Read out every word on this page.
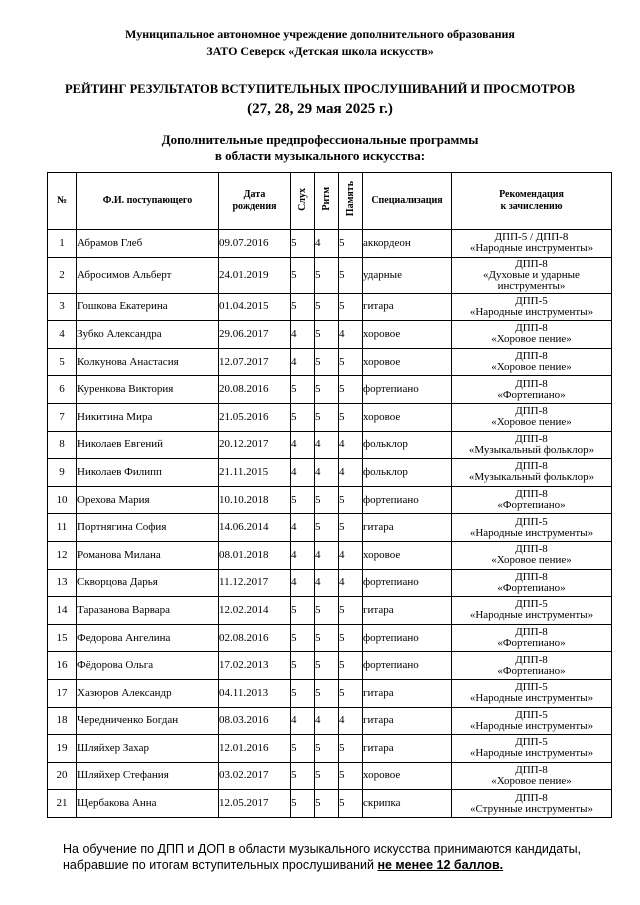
Муниципальное автономное учреждение дополнительного образования
ЗАТО Северск «Детская школа искусств»
РЕЙТИНГ РЕЗУЛЬТАТОВ ВСТУПИТЕЛЬНЫХ ПРОСЛУШИВАНИЙ И ПРОСМОТРОВ
(27, 28, 29 мая 2025 г.)
Дополнительные предпрофессиональные программы
в области музыкального искусства:
№	Ф.И. поступающего	Дата
рождения	Слух	Ритм	Память	Специализация	Рекомендация
к зачислению
1	Абрамов Глеб	09.07.2016	5	4	5	аккордеон	ДПП-5 / ДПП-8
«Народные инструменты»
2	Абросимов Альберт	24.01.2019	5	5	5	ударные	ДПП-8
«Духовые и ударные
инструменты»
3	Гошкова Екатерина	01.04.2015	5	5	5	гитара	ДПП-5
«Народные инструменты»
4	Зубко Александра	29.06.2017	4	5	4	хоровое	ДПП-8
«Хоровое пение»
5	Колкунова Анастасия	12.07.2017	4	5	5	хоровое	ДПП-8
«Хоровое пение»
6	Куренкова Виктория	20.08.2016	5	5	5	фортепиано	ДПП-8
«Фортепиано»
7	Никитина Мира	21.05.2016	5	5	5	хоровое	ДПП-8
«Хоровое пение»
8	Николаев Евгений	20.12.2017	4	4	4	фольклор	ДПП-8
«Музыкальный фольклор»
9	Николаев Филипп	21.11.2015	4	4	4	фольклор	ДПП-8
«Музыкальный фольклор»
10	Орехова Мария	10.10.2018	5	5	5	фортепиано	ДПП-8
«Фортепиано»
11	Портнягина София	14.06.2014	4	5	5	гитара	ДПП-5
«Народные инструменты»
12	Романова Милана	08.01.2018	4	4	4	хоровое	ДПП-8
«Хоровое пение»
13	Скворцова Дарья	11.12.2017	4	4	4	фортепиано	ДПП-8
«Фортепиано»
14	Таразанова Варвара	12.02.2014	5	5	5	гитара	ДПП-5
«Народные инструменты»
15	Федорова Ангелина	02.08.2016	5	5	5	фортепиано	ДПП-8
«Фортепиано»
16	Фёдорова Ольга	17.02.2013	5	5	5	фортепиано	ДПП-8
«Фортепиано»
17	Хазюров Александр	04.11.2013	5	5	5	гитара	ДПП-5
«Народные инструменты»
18	Чередниченко Богдан	08.03.2016	4	4	4	гитара	ДПП-5
«Народные инструменты»
19	Шляйхер Захар	12.01.2016	5	5	5	гитара	ДПП-5
«Народные инструменты»
20	Шляйхер Стефания	03.02.2017	5	5	5	хоровое	ДПП-8
«Хоровое пение»
21	Щербакова Анна	12.05.2017	5	5	5	скрипка	ДПП-8
«Струнные инструменты»
На обучение по ДПП и ДОП в области музыкального искусства принимаются кандидаты,
набравшие по итогам вступительных прослушиваний не менее 12 баллов.
